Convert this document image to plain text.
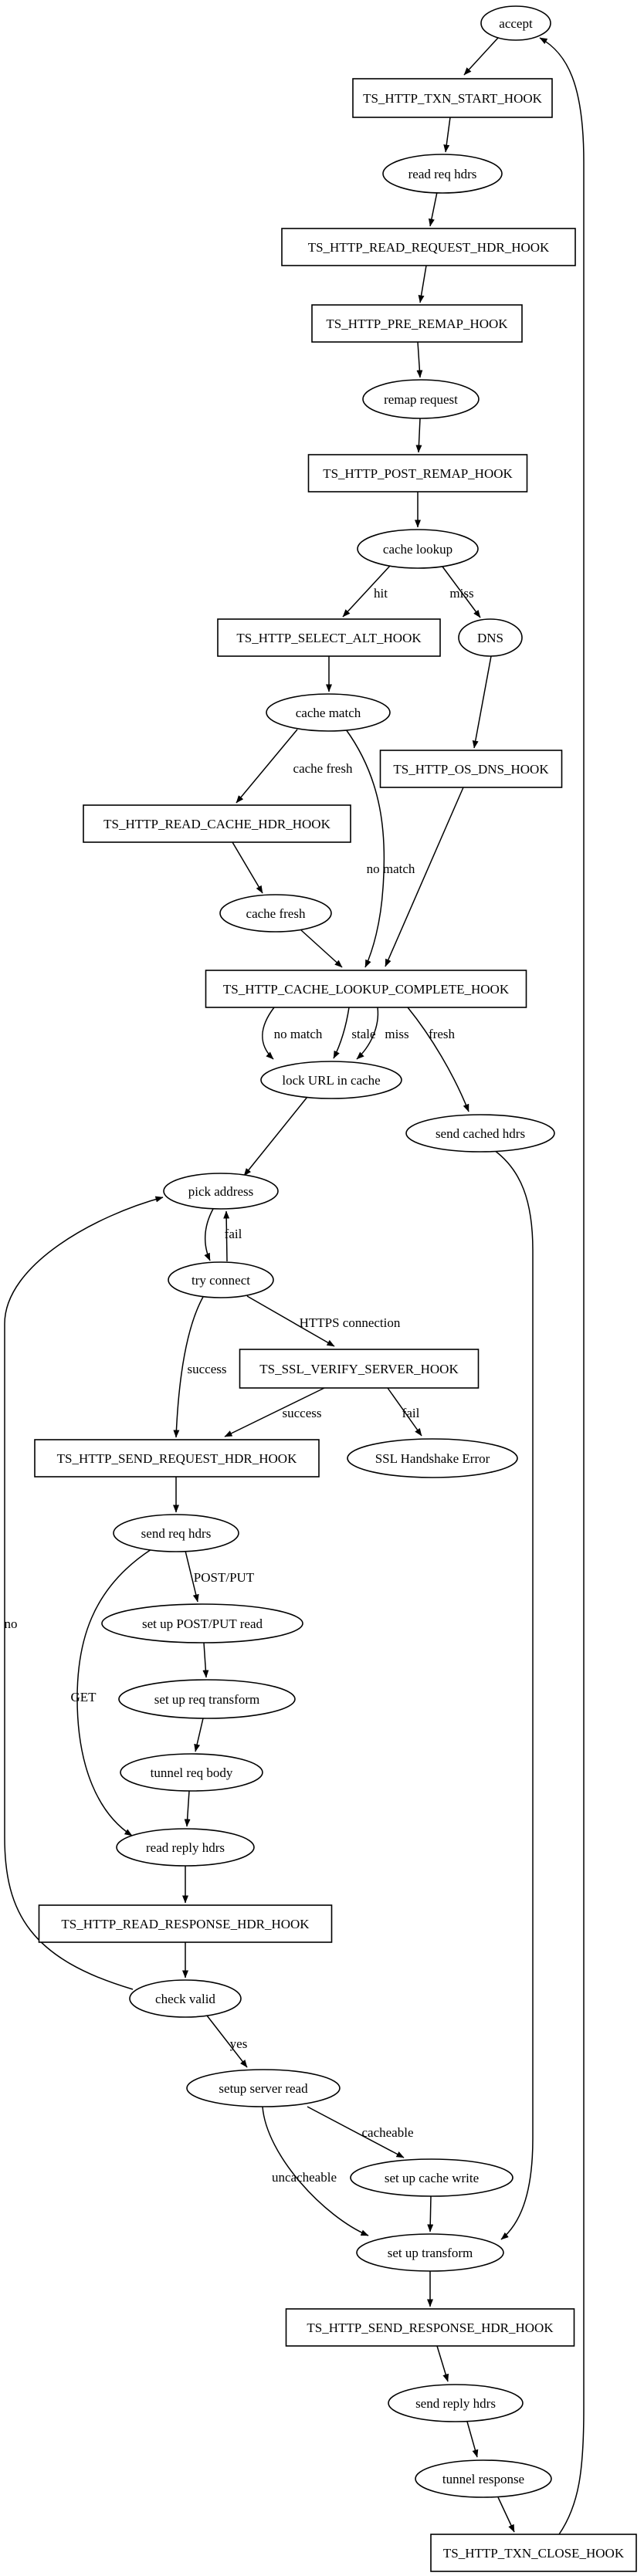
accept
TS_HTTP_TXN_START_HOOK
read req hdrs
TS_HTTP_READ_REQUEST_HDR_HOOK
TS_HTTP_PRE_REMAP_HOOK
remap request
TS_HTTP_POST_REMAP_HOOK
cache lookup
TS_HTTP_SELECT_ALT_HOOK	DNS
cache match
TS_HTTP_OS_DNS_HOOK
TS_HTTP_READ_CACHE_HDR_HOOK
cache fresh
TS_HTTP_CACHE_LOOKUP_COMPLETE_HOOK
lock URL in cache
send cached hdrs
pick address
try connect
TS_SSL_VERIFY_SERVER_HOOK
TS_HTTP_SEND_REQUEST_HDR_HOOK	SSL Handshake Error
send req hdrs
set up POST/PUT read
set up req transform
tunnel req body
read reply hdrs
TS_HTTP_READ_RESPONSE_HDR_HOOK
check valid
setup server read
set up cache write
set up transform
TS_HTTP_SEND_RESPONSE_HDR_HOOK
send reply hdrs
tunnel response
TS_HTTP_TXN_CLOSE_HOOK
hit	miss
cache fresh
no match
no match stale miss fresh
fail
HTTPS connection
success
success	fail
POST/PUT
GET
yes
no
cacheable
uncacheable
